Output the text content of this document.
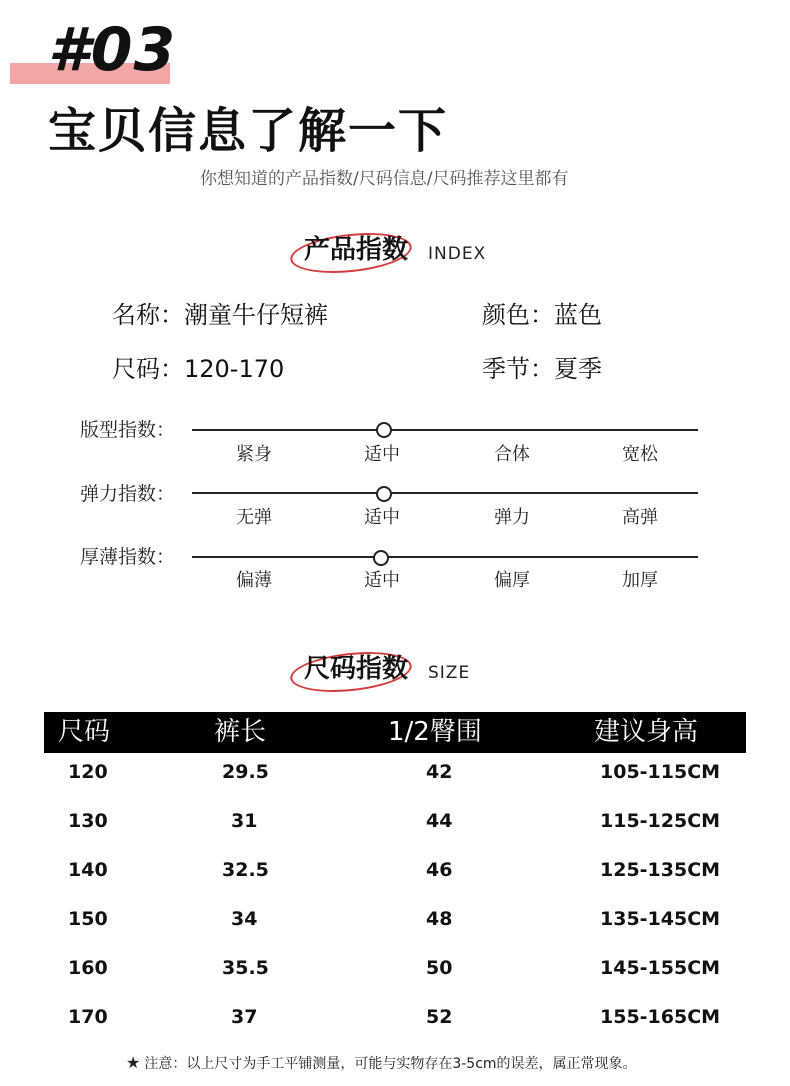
#03
宝贝信息了解一下
你想知道的产品指数/尺码信息/尺码推荐这里都有
产品指数 INDEX
名称：潮童牛仔短裤	颜色：蓝色
尺码：120-170	季节：夏季
版型指数：
紧身	适中	合体	宽松
弹力指数：
无弹	适中	弹力	高弹
厚薄指数：
偏薄	适中	偏厚	加厚
尺码指数 SIZE
尺码	裤长	1/2臀围	建议身高
120	29.5	42	105-115CM
130	31	44	115-125CM
140	32.5	46	125-135CM
150	34	48	135-145CM
160	35.5	50	145-155CM
170	37	52	155-165CM
★ 注意：以上尺寸为手工平铺测量，可能与实物存在3-5cm的误差，属正常现象。
